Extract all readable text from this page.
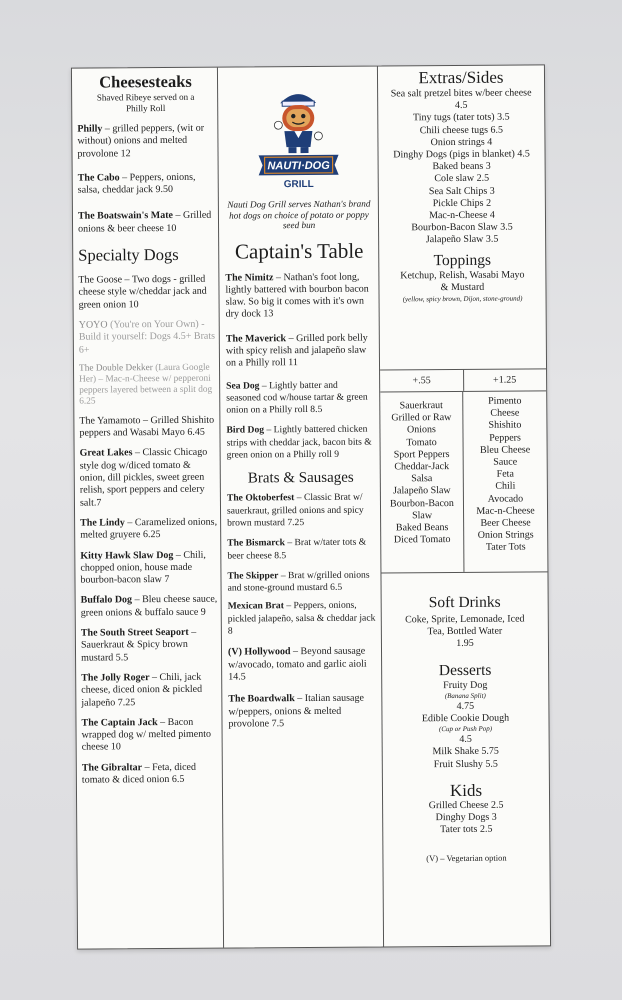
Cheesesteaks
Shaved Ribeye served on a Philly Roll
Philly – grilled peppers, (wit or without) onions and melted provolone 12
The Cabo – Peppers, onions, salsa, cheddar jack 9.50
The Boatswain's Mate – Grilled onions & beer cheese 10
Specialty Dogs
The Goose – Two dogs - grilled cheese style w/cheddar jack and green onion 10
YOYO (You're on Your Own) - Build it yourself: Dogs 4.5+ Brats 6+
The Double Dekker (Laura Google Her) – Mac-n-Cheese w/ pepperoni peppers layered between a split dog 6.25
The Yamamoto – Grilled Shishito peppers and Wasabi Mayo 6.45
Great Lakes – Classic Chicago style dog w/diced tomato & onion, dill pickles, sweet green relish, sport peppers and celery salt.7
The Lindy – Caramelized onions, melted gruyere 6.25
Kitty Hawk Slaw Dog – Chili, chopped onion, house made bourbon-bacon slaw 7
Buffalo Dog – Bleu cheese sauce, green onions & buffalo sauce 9
The South Street Seaport – Sauerkraut & Spicy brown mustard 5.5
The Jolly Roger – Chili, jack cheese, diced onion & pickled jalapeño 7.25
The Captain Jack – Bacon wrapped dog w/ melted pimento cheese 10
The Gibraltar – Feta, diced tomato & diced onion 6.5
NAUTI·DOG
GRILL
Nauti Dog Grill serves Nathan's brand hot dogs on choice of potato or poppy seed bun
Captain's Table
The Nimitz – Nathan's foot long, lightly battered with bourbon bacon slaw. So big it comes with it's own dry dock 13
The Maverick – Grilled pork belly with spicy relish and jalapeño slaw on a Philly roll 11
Sea Dog – Lightly batter and seasoned cod w/house tartar & green onion on a Philly roll 8.5
Bird Dog – Lightly battered chicken strips with cheddar jack, bacon bits & green onion on a Philly roll 9
Brats & Sausages
The Oktoberfest – Classic Brat w/ sauerkraut, grilled onions and spicy brown mustard 7.25
The Bismarck – Brat w/tater tots & beer cheese 8.5
The Skipper – Brat w/grilled onions and stone-ground mustard 6.5
Mexican Brat – Peppers, onions, pickled jalapeño, salsa & cheddar jack 8
(V) Hollywood – Beyond sausage w/avocado, tomato and garlic aioli 14.5
The Boardwalk – Italian sausage w/peppers, onions & melted provolone 7.5
Extras/Sides
Sea salt pretzel bites w/beer cheese 4.5
Tiny tugs (tater tots) 3.5
Chili cheese tugs 6.5
Onion strings 4
Dinghy Dogs (pigs in blanket) 4.5
Baked beans 3
Cole slaw 2.5
Sea Salt Chips 3
Pickle Chips 2
Mac-n-Cheese 4
Bourbon-Bacon Slaw 3.5
Jalapeño Slaw 3.5
Toppings
Ketchup, Relish, Wasabi Mayo
& Mustard
(yellow, spicy brown, Dijon, stone-ground)
+.55	+1.25
Sauerkraut
Grilled or Raw
Onions
Tomato
Sport Peppers
Cheddar-Jack
Salsa
Jalapeño Slaw
Bourbon-Bacon
Slaw
Baked Beans
Diced Tomato
Pimento
Cheese
Shishito
Peppers
Bleu Cheese
Sauce
Feta
Chili
Avocado
Mac-n-Cheese
Beer Cheese
Onion Strings
Tater Tots
Soft Drinks
Coke, Sprite, Lemonade, Iced
Tea, Bottled Water
1.95
Desserts
Fruity Dog
(Banana Split)
4.75
Edible Cookie Dough
(Cup or Push Pop)
4.5
Milk Shake 5.75
Fruit Slushy 5.5
Kids
Grilled Cheese 2.5
Dinghy Dogs 3
Tater tots 2.5
(V) – Vegetarian option
